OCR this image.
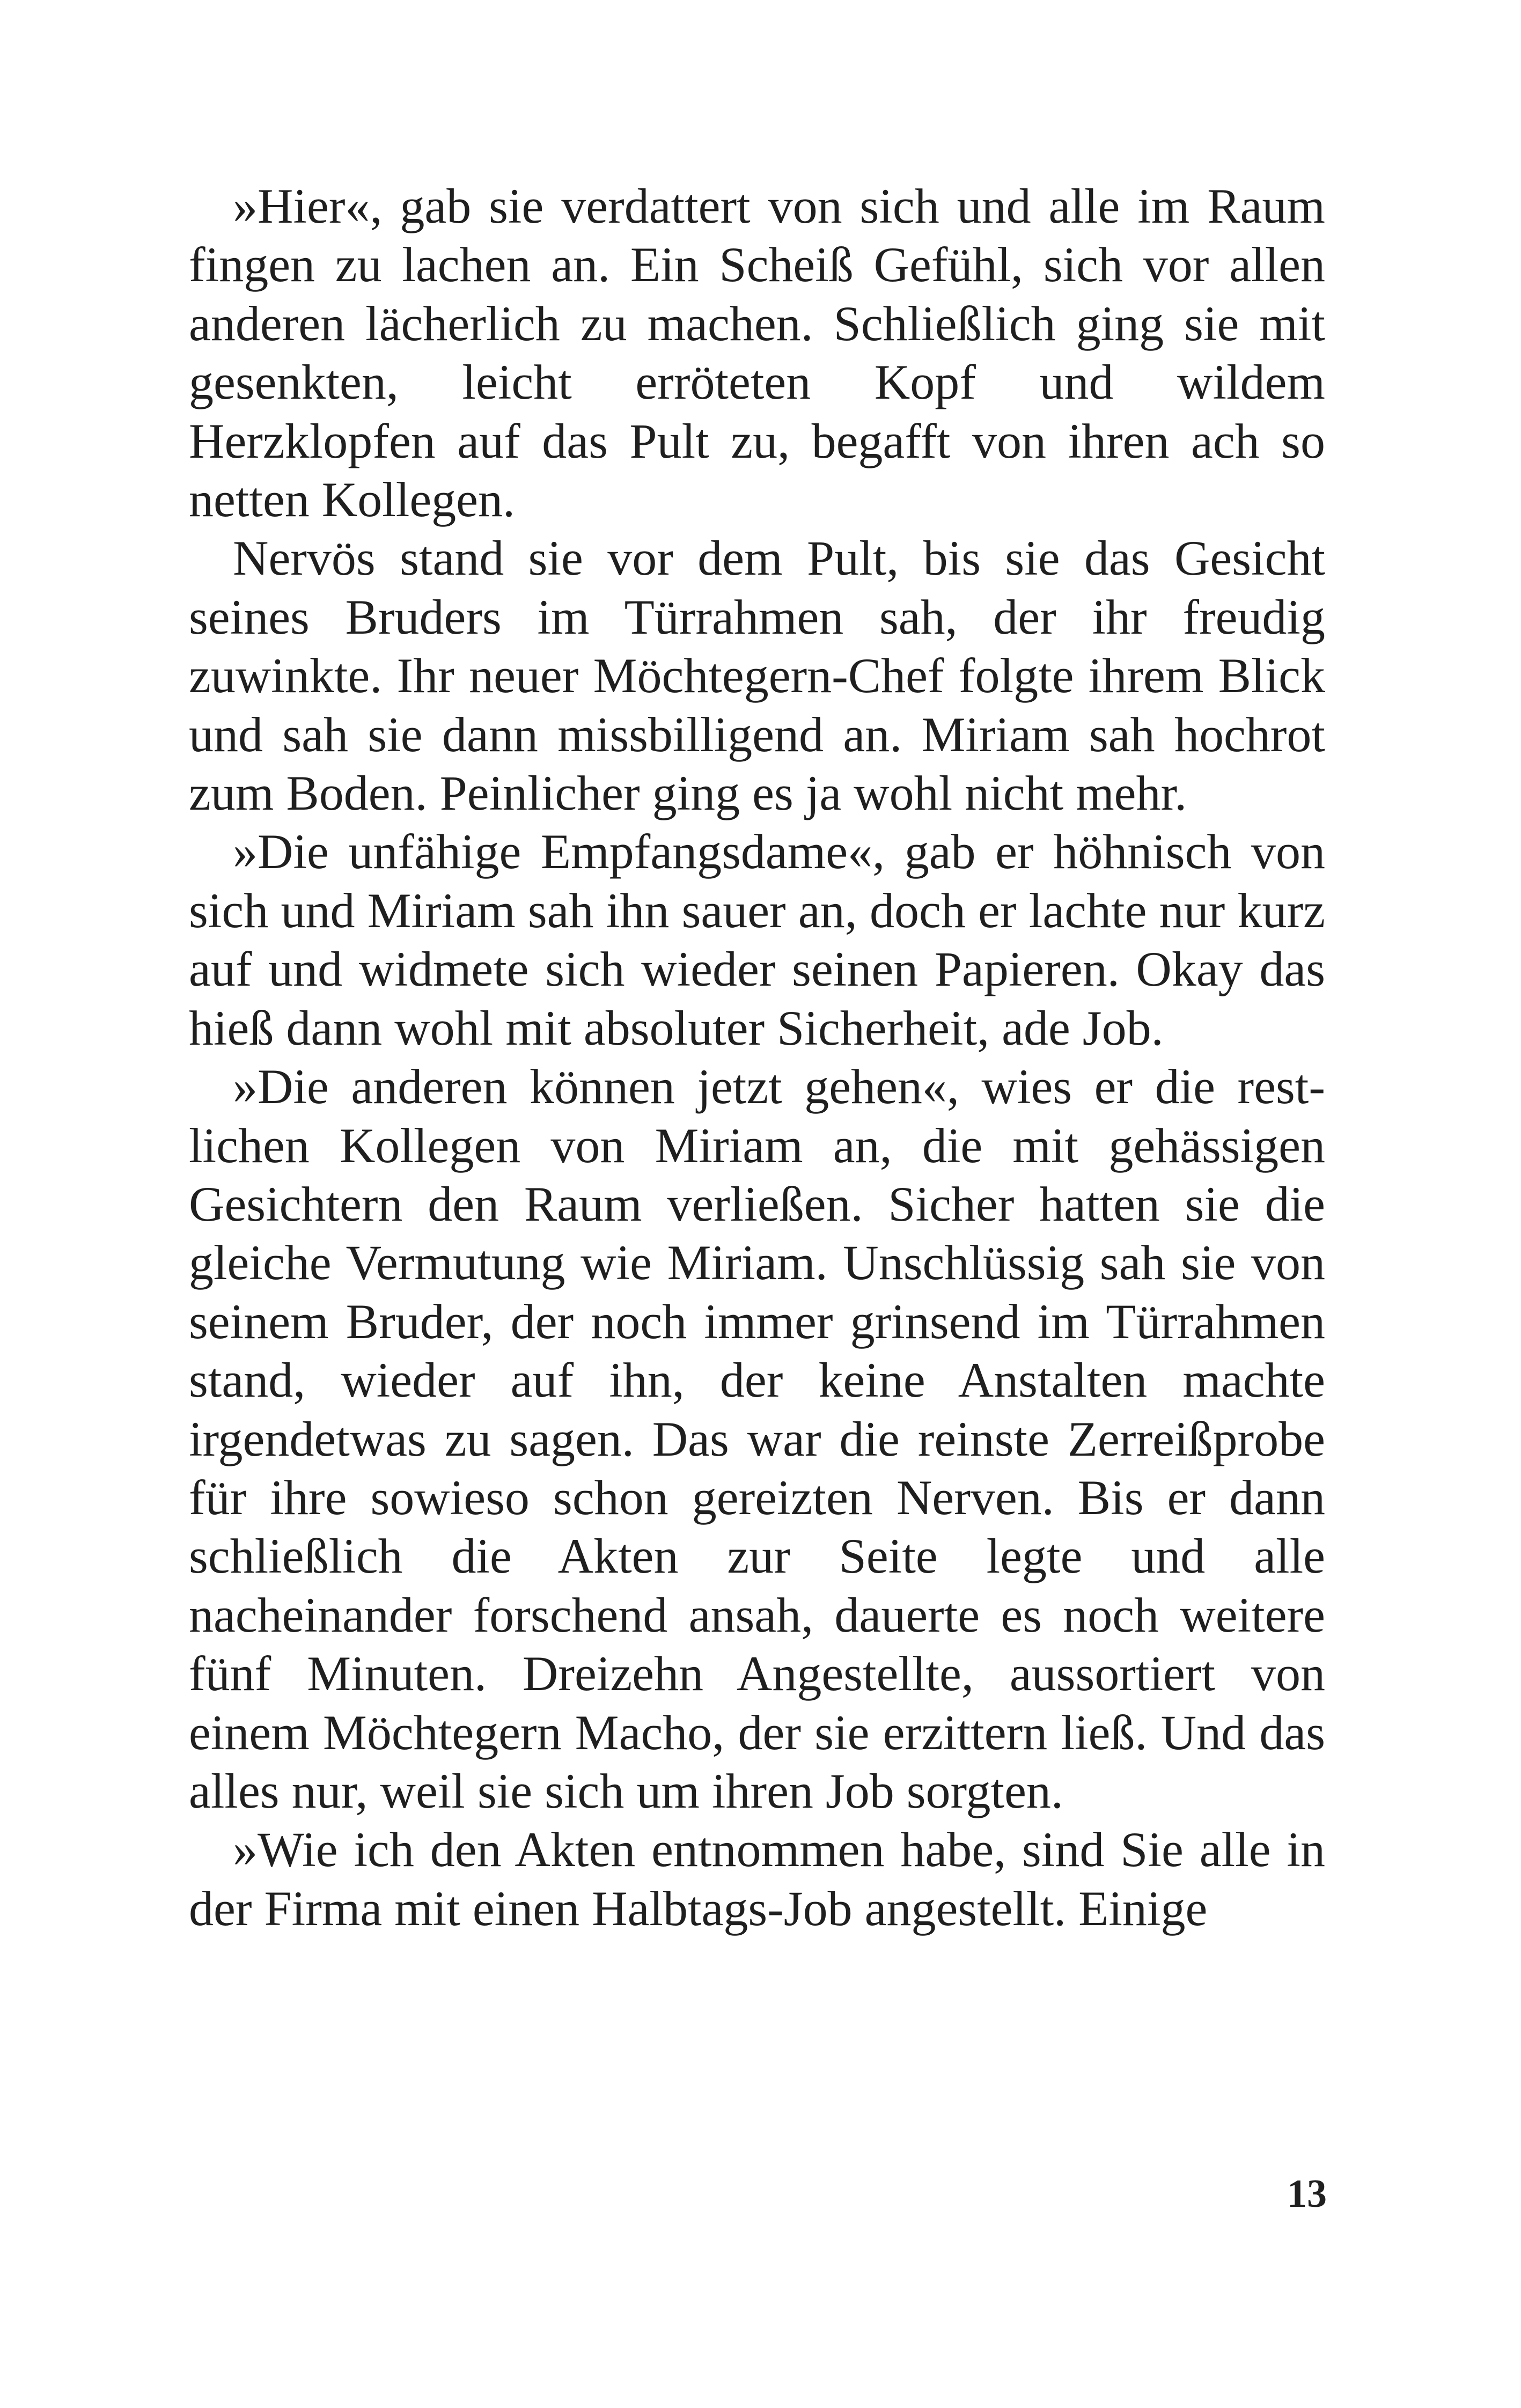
»Hier«, gab sie verdattert von sich und alle im Raum fingen zu lachen an. Ein Scheiß Gefühl, sich vor allen anderen lächerlich zu machen. Schließlich ging sie mit gesenkten, leicht erröteten Kopf und wildem Herzklopfen auf das Pult zu, begafft von ihren ach so netten Kollegen.

Nervös stand sie vor dem Pult, bis sie das Gesicht seines Bruders im Türrahmen sah, der ihr freudig zuwinkte. Ihr neuer Möchtegern-Chef folgte ihrem Blick und sah sie dann missbilligend an. Miriam sah hochrot zum Boden. Peinlicher ging es ja wohl nicht mehr.

»Die unfähige Empfangsdame«, gab er höhnisch von sich und Miriam sah ihn sauer an, doch er lachte nur kurz auf und widmete sich wieder seinen Papieren. Okay das hieß dann wohl mit absoluter Sicherheit, ade Job.

»Die anderen können jetzt gehen«, wies er die restlichen Kollegen von Miriam an, die mit gehässigen Gesichtern den Raum verließen. Sicher hatten sie die gleiche Vermutung wie Miriam. Unschlüssig sah sie von seinem Bruder, der noch immer grinsend im Türrahmen stand, wieder auf ihn, der keine Anstalten machte irgendetwas zu sagen. Das war die reinste Zerreißprobe für ihre sowieso schon gereizten Nerven. Bis er dann schließlich die Akten zur Seite legte und alle nacheinander forschend ansah, dauerte es noch weitere fünf Minuten. Dreizehn Angestellte, aussortiert von einem Möchtegern Macho, der sie erzittern ließ. Und das alles nur, weil sie sich um ihren Job sorgten.

»Wie ich den Akten entnommen habe, sind Sie alle in der Firma mit einen Halbtags-Job angestellt. Einige

13
